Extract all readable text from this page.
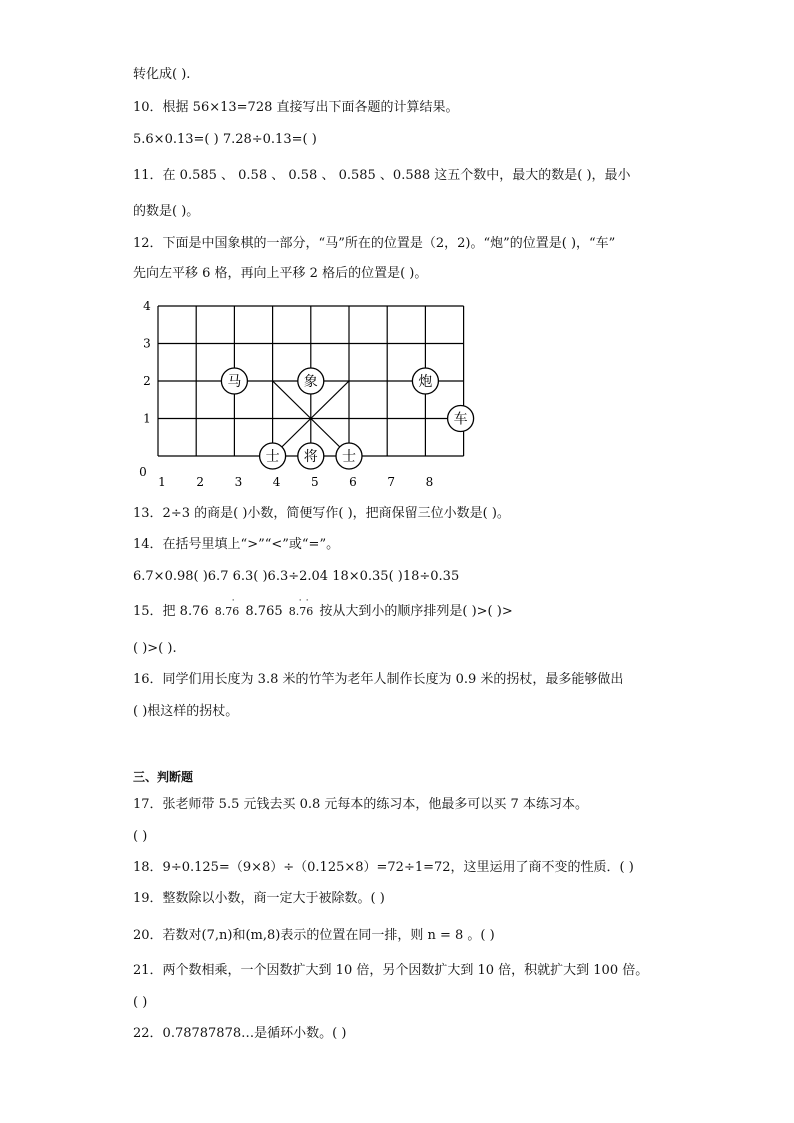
转化成( ).
10．根据 56×13=728 直接写出下面各题的计算结果。
5.6×0.13=( ) 7.28÷0.13=( )
11．在 0.585 、 0.58 、 0.58 、 0.585 、0.588 这五个数中，最大的数是( )，最小
的数是( )。
12．下面是中国象棋的一部分，“马”所在的位置是（2，2)。“炮”的位置是( )，“车”
先向左平移 6 格，再向上平移 2 格后的位置是( )。
4
3
2
1
0
1	2	3	4	5	6	7	8
马	象	炮
车
士 将 士
13．2÷3 的商是( )小数，简便写作( )，把商保留三位小数是( )。
14．在括号里填上“>”“<”或“=”。
6.7×0.98( )6.7 6.3( )6.3÷2.04 18×0.35( )18÷0.35
15．把 8.76 8.76
·
8.765 8.76
· ·
按从大到小的顺序排列是( )>( )>
( )>( ).
16．同学们用长度为 3.8 米的竹竿为老年人制作长度为 0.9 米的拐杖，最多能够做出
( )根这样的拐杖。
三、判断题
17．张老师带 5.5 元钱去买 0.8 元每本的练习本，他最多可以买 7 本练习本。
( )
18．9÷0.125=（9×8）÷（0.125×8）=72÷1=72，这里运用了商不变的性质．( )
19．整数除以小数，商一定大于被除数。( )
20．若数对(7,n)和(m,8)表示的位置在同一排，则 n = 8 。( )
21．两个数相乘，一个因数扩大到 10 倍，另个因数扩大到 10 倍，积就扩大到 100 倍。
( )
22．0.78787878…是循环小数。( )
